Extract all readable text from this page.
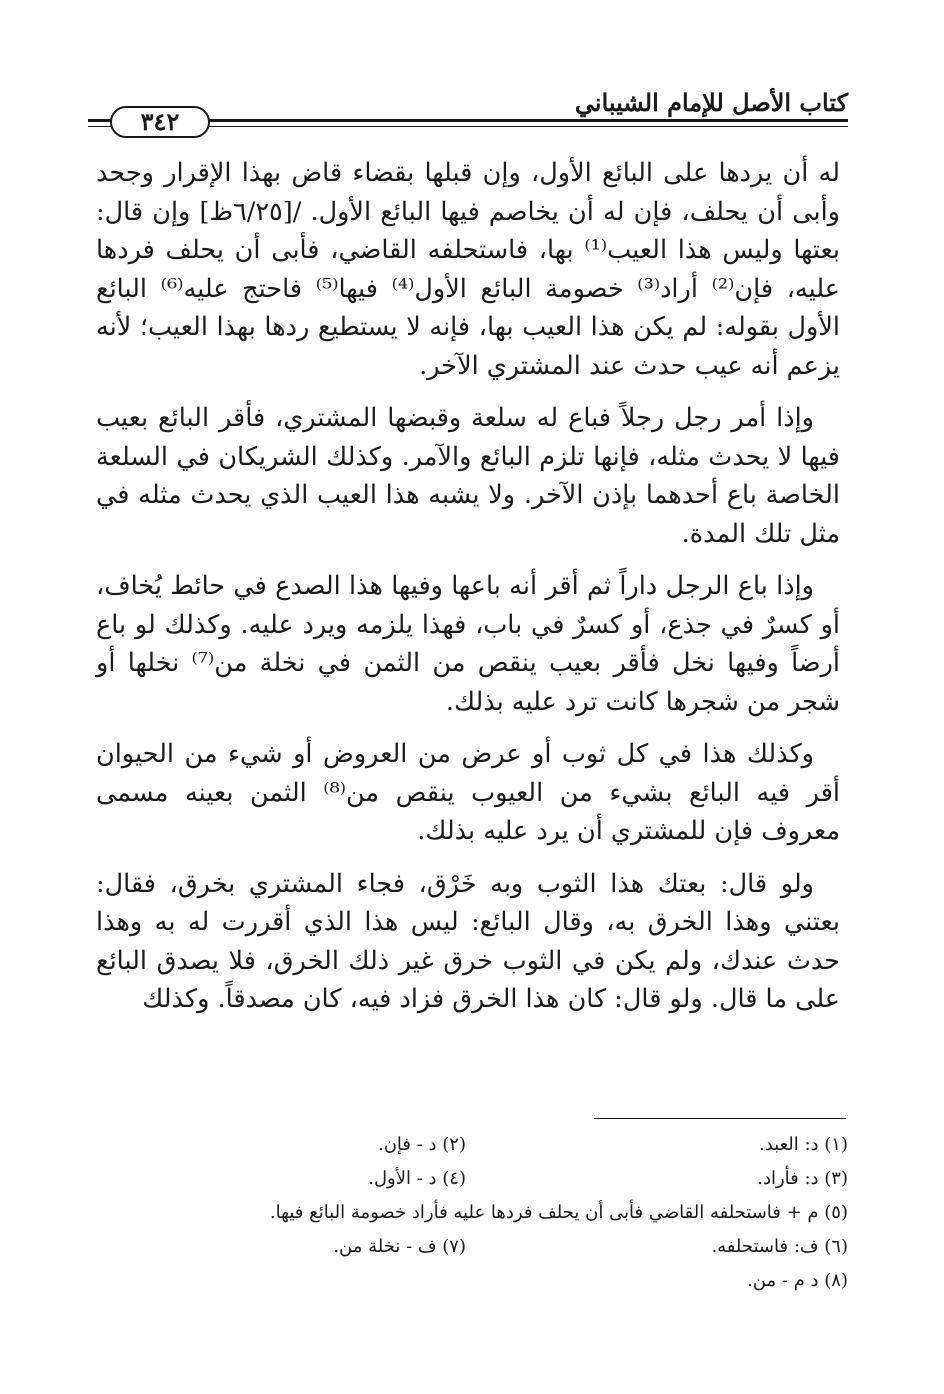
كتاب الأصل للإمام الشيباني
٣٤٢

له أن يردها على البائع الأول، وإن قبلها بقضاء قاض بهذا الإقرار وجحد وأبى أن يحلف، فإن له أن يخاصم فيها البائع الأول. /[٦/٢٥ظ] وإن قال: بعتها وليس هذا العيب⁽¹⁾ بها، فاستحلفه القاضي، فأبى أن يحلف فردها عليه، فإن⁽²⁾ أراد⁽³⁾ خصومة البائع الأول⁽⁴⁾ فيها⁽⁵⁾ فاحتج عليه⁽⁶⁾ البائع الأول بقوله: لم يكن هذا العيب بها، فإنه لا يستطيع ردها بهذا العيب؛ لأنه يزعم أنه عيب حدث عند المشتري الآخر.

وإذا أمر رجل رجلاً فباع له سلعة وقبضها المشتري، فأقر البائع بعيب فيها لا يحدث مثله، فإنها تلزم البائع والآمر. وكذلك الشريكان في السلعة الخاصة باع أحدهما بإذن الآخر. ولا يشبه هذا العيب الذي يحدث مثله في مثل تلك المدة.

وإذا باع الرجل داراً ثم أقر أنه باعها وفيها هذا الصدع في حائط يُخاف، أو كسرٌ في جذع، أو كسرٌ في باب، فهذا يلزمه ويرد عليه. وكذلك لو باع أرضاً وفيها نخل فأقر بعيب ينقص من الثمن في نخلة من⁽⁷⁾ نخلها أو شجر من شجرها كانت ترد عليه بذلك.

وكذلك هذا في كل ثوب أو عرض من العروض أو شيء من الحيوان أقر فيه البائع بشيء من العيوب ينقص من⁽⁸⁾ الثمن بعينه مسمى معروف فإن للمشتري أن يرد عليه بذلك.

ولو قال: بعتك هذا الثوب وبه خَرْق، فجاء المشتري بخرق، فقال: بعتني وهذا الخرق به، وقال البائع: ليس هذا الذي أقررت له به وهذا حدث عندك، ولم يكن في الثوب خرق غير ذلك الخرق، فلا يصدق البائع على ما قال. ولو قال: كان هذا الخرق فزاد فيه، كان مصدقاً. وكذلك

(١) د: العبد.
(٢) د - فإن.
(٣) د: فأراد.
(٤) د - الأول.
(٥) م + فاستحلفه القاضي فأبى أن يحلف فردها عليه فأراد خصومة البائع فيها.
(٦) ف: فاستحلفه.
(٧) ف - نخلة من.
(٨) د م - من.
